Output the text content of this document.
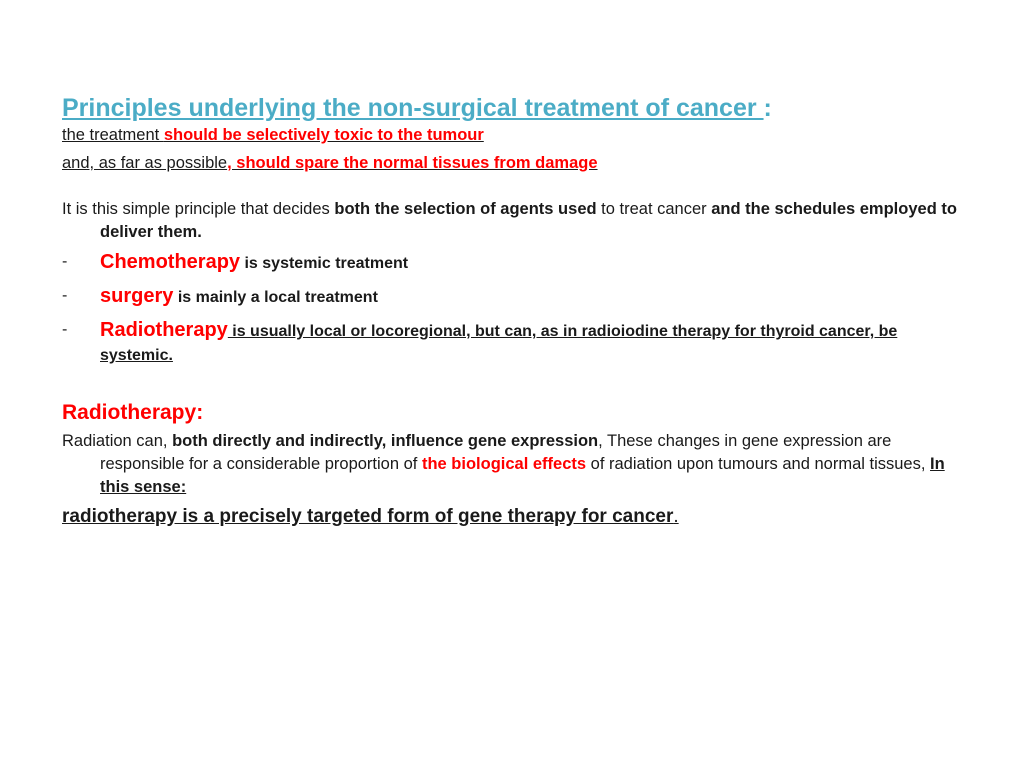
Principles underlying the non-surgical treatment of cancer :

the treatment should be selectively toxic to the tumour

and, as far as possible, should spare the normal tissues from damage

It is this simple principle that decides both the selection of agents used to treat cancer and the schedules employed to deliver them.

- Chemotherapy is systemic treatment
- surgery is mainly a local treatment
- Radiotherapy is usually local or locoregional, but can, as in radioiodine therapy for thyroid cancer, be systemic.

Radiotherapy:

Radiation can, both directly and indirectly, influence gene expression, These changes in gene expression are responsible for a considerable proportion of the biological effects of radiation upon tumours and normal tissues, In this sense:

radiotherapy is a precisely targeted form of gene therapy for cancer.
